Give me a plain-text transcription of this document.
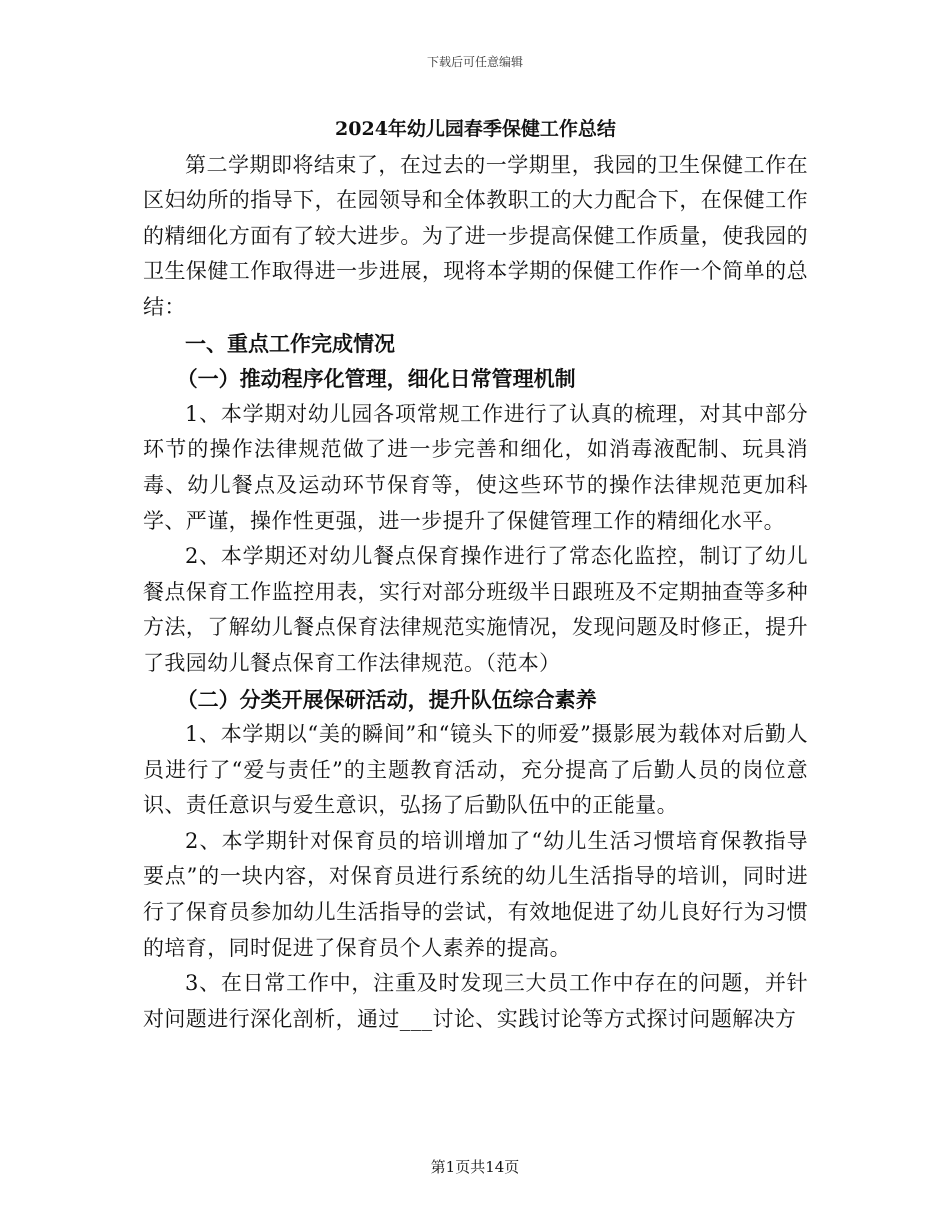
下载后可任意编辑

2024年幼儿园春季保健工作总结

第二学期即将结束了，在过去的一学期里，我园的卫生保健工作在区妇幼所的指导下，在园领导和全体教职工的大力配合下，在保健工作的精细化方面有了较大进步。为了进一步提高保健工作质量，使我园的卫生保健工作取得进一步进展，现将本学期的保健工作作一个简单的总结：

一、重点工作完成情况

（一）推动程序化管理，细化日常管理机制

1、本学期对幼儿园各项常规工作进行了认真的梳理，对其中部分环节的操作法律规范做了进一步完善和细化，如消毒液配制、玩具消毒、幼儿餐点及运动环节保育等，使这些环节的操作法律规范更加科学、严谨，操作性更强，进一步提升了保健管理工作的精细化水平。

2、本学期还对幼儿餐点保育操作进行了常态化监控，制订了幼儿餐点保育工作监控用表，实行对部分班级半日跟班及不定期抽查等多种方法，了解幼儿餐点保育法律规范实施情况，发现问题及时修正，提升了我园幼儿餐点保育工作法律规范。（范本）

（二）分类开展保研活动，提升队伍综合素养

1、本学期以“美的瞬间”和“镜头下的师爱”摄影展为载体对后勤人员进行了“爱与责任”的主题教育活动，充分提高了后勤人员的岗位意识、责任意识与爱生意识，弘扬了后勤队伍中的正能量。

2、本学期针对保育员的培训增加了“幼儿生活习惯培育保教指导要点”的一块内容，对保育员进行系统的幼儿生活指导的培训，同时进行了保育员参加幼儿生活指导的尝试，有效地促进了幼儿良好行为习惯的培育，同时促进了保育员个人素养的提高。

3、在日常工作中，注重及时发现三大员工作中存在的问题，并针对问题进行深化剖析，通过___讨论、实践讨论等方式探讨问题解决方

第1页共14页
